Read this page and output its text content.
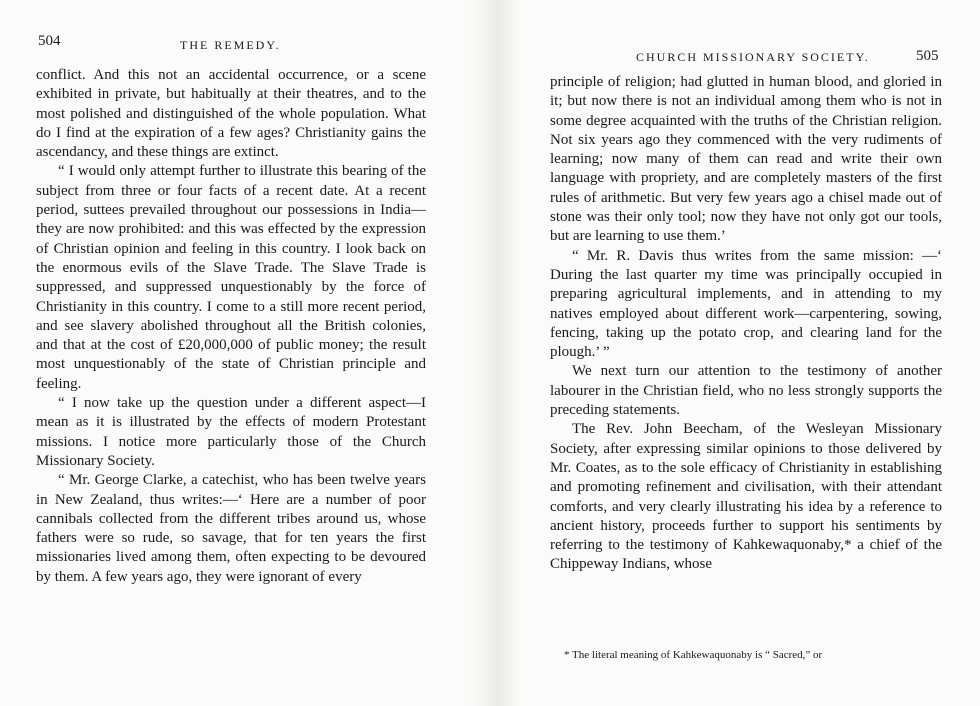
504	THE REMEDY.

conflict. And this not an accidental occurrence, or a scene exhibited in private, but habitually at their theatres, and to the most polished and distinguished of the whole population. What do I find at the expiration of a few ages? Christianity gains the ascendancy, and these things are extinct.

“ I would only attempt further to illustrate this bearing of the subject from three or four facts of a recent date. At a recent period, suttees prevailed throughout our possessions in India—they are now prohibited: and this was effected by the expression of Christian opinion and feeling in this country. I look back on the enormous evils of the Slave Trade. The Slave Trade is suppressed, and suppressed unquestionably by the force of Christianity in this country. I come to a still more recent period, and see slavery abolished throughout all the British colonies, and that at the cost of £20,000,000 of public money; the result most unquestionably of the state of Christian principle and feeling.

“ I now take up the question under a different aspect—I mean as it is illustrated by the effects of modern Protestant missions. I notice more particularly those of the Church Missionary Society.

“ Mr. George Clarke, a catechist, who has been twelve years in New Zealand, thus writes:—‘ Here are a number of poor cannibals collected from the different tribes around us, whose fathers were so rude, so savage, that for ten years the first missionaries lived among them, often expecting to be devoured by them. A few years ago, they were ignorant of every

CHURCH MISSIONARY SOCIETY.	505

principle of religion; had glutted in human blood, and gloried in it; but now there is not an individual among them who is not in some degree acquainted with the truths of the Christian religion. Not six years ago they commenced with the very rudiments of learning; now many of them can read and write their own language with propriety, and are completely masters of the first rules of arithmetic. But very few years ago a chisel made out of stone was their only tool; now they have not only got our tools, but are learning to use them.’

“ Mr. R. Davis thus writes from the same mission: —‘ During the last quarter my time was principally occupied in preparing agricultural implements, and in attending to my natives employed about different work—carpentering, sowing, fencing, taking up the potato crop, and clearing land for the plough.’ ”

We next turn our attention to the testimony of another labourer in the Christian field, who no less strongly supports the preceding statements.

The Rev. John Beecham, of the Wesleyan Missionary Society, after expressing similar opinions to those delivered by Mr. Coates, as to the sole efficacy of Christianity in establishing and promoting refinement and civilisation, with their attendant comforts, and very clearly illustrating his idea by a reference to ancient history, proceeds further to support his sentiments by referring to the testimony of Kahkewaquonaby,* a chief of the Chippeway Indians, whose

* The literal meaning of Kahkewaquonaby is “ Sacred,” or
